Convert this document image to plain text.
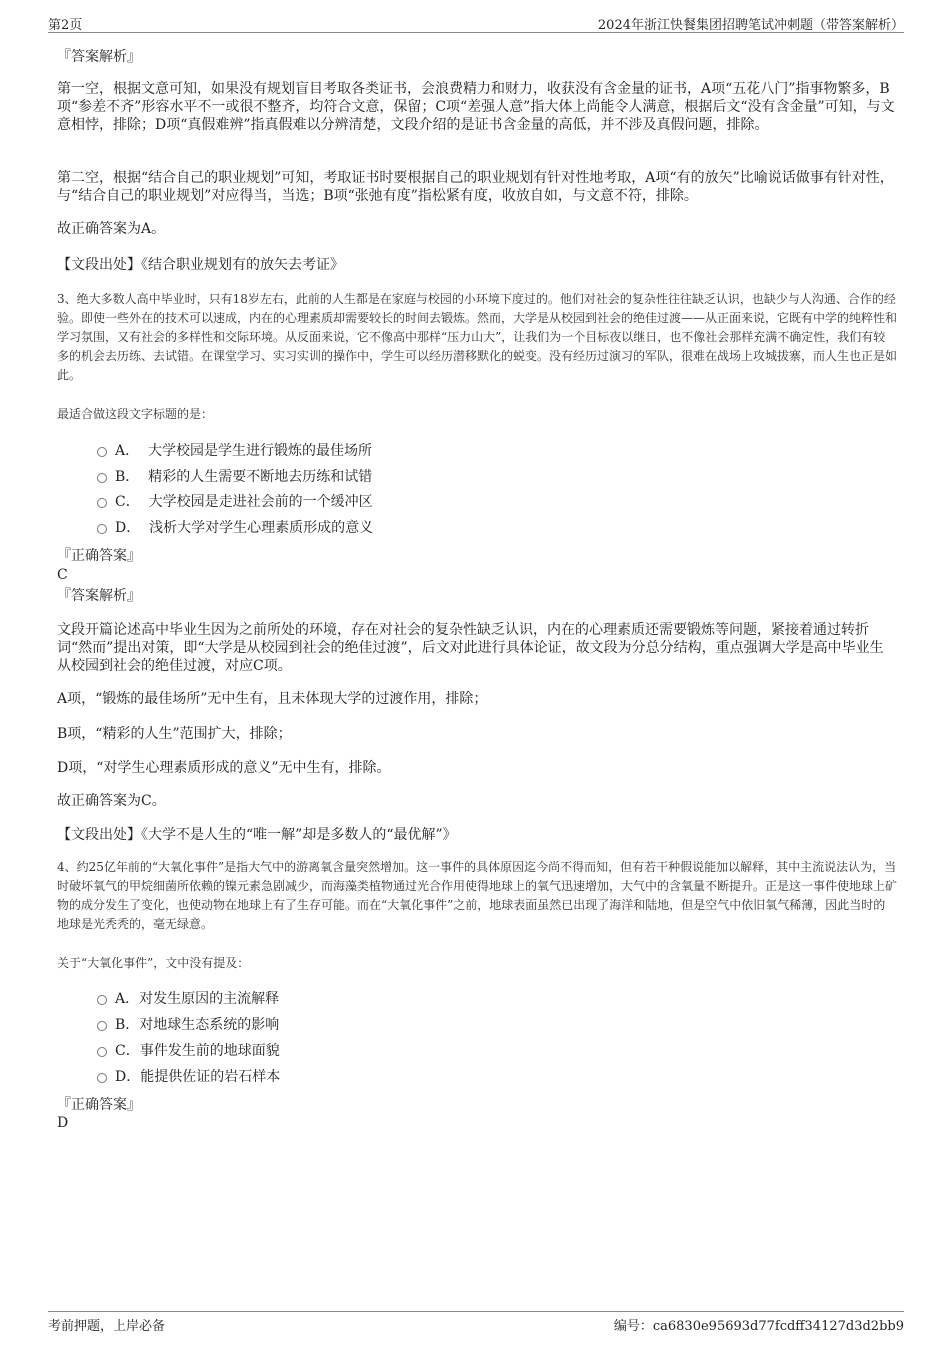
第2页	2024年浙江快餐集团招聘笔试冲刺题（带答案解析）

『答案解析』

第一空，根据文意可知，如果没有规划盲目考取各类证书，会浪费精力和财力，收获没有含金量的证书，A项“五花八门”指事物繁多，B项“参差不齐”形容水平不一或很不整齐，均符合文意，保留；C项“差强人意”指大体上尚能令人满意，根据后文“没有含金量”可知，与文意相悖，排除；D项“真假难辨”指真假难以分辨清楚，文段介绍的是证书含金量的高低，并不涉及真假问题，排除。

第二空，根据“结合自己的职业规划”可知，考取证书时要根据自己的职业规划有针对性地考取，A项“有的放矢”比喻说话做事有针对性，与“结合自己的职业规划”对应得当，当选；B项“张弛有度”指松紧有度，收放自如，与文意不符，排除。

故正确答案为A。

【文段出处】《结合职业规划有的放矢去考证》

3、绝大多数人高中毕业时，只有18岁左右，此前的人生都是在家庭与校园的小环境下度过的。他们对社会的复杂性往往缺乏认识，也缺少与人沟通、合作的经验。即使一些外在的技术可以速成，内在的心理素质却需要较长的时间去锻炼。然而，大学是从校园到社会的绝佳过渡——从正面来说，它既有中学的纯粹性和学习氛围，又有社会的多样性和交际环境。从反面来说，它不像高中那样“压力山大”，让我们为一个目标夜以继日，也不像社会那样充满不确定性，我们有较多的机会去历练、去试错。在课堂学习、实习实训的操作中，学生可以经历潜移默化的蜕变。没有经历过演习的军队，很难在战场上攻城拔寨，而人生也正是如此。

最适合做这段文字标题的是：

A． 大学校园是学生进行锻炼的最佳场所
B． 精彩的人生需要不断地去历练和试错
C． 大学校园是走进社会前的一个缓冲区
D． 浅析大学对学生心理素质形成的意义

『正确答案』

C

『答案解析』

文段开篇论述高中毕业生因为之前所处的环境，存在对社会的复杂性缺乏认识，内在的心理素质还需要锻炼等问题，紧接着通过转折词“然而”提出对策，即“大学是从校园到社会的绝佳过渡”，后文对此进行具体论证，故文段为分总分结构，重点强调大学是高中毕业生从校园到社会的绝佳过渡，对应C项。

A项，“锻炼的最佳场所”无中生有，且未体现大学的过渡作用，排除；

B项，“精彩的人生”范围扩大，排除；

D项，“对学生心理素质形成的意义”无中生有，排除。

故正确答案为C。

【文段出处】《大学不是人生的“唯一解”却是多数人的“最优解”》

4、约25亿年前的“大氧化事件”是指大气中的游离氧含量突然增加。这一事件的具体原因迄今尚不得而知，但有若干种假说能加以解释，其中主流说法认为，当时破坏氧气的甲烷细菌所依赖的镍元素急剧减少，而海藻类植物通过光合作用使得地球上的氧气迅速增加，大气中的含氧量不断提升。正是这一事件使地球上矿物的成分发生了变化，也使动物在地球上有了生存可能。而在“大氧化事件”之前，地球表面虽然已出现了海洋和陆地，但是空气中依旧氧气稀薄，因此当时的地球是光秃秃的，毫无绿意。

关于“大氧化事件”，文中没有提及：

A．对发生原因的主流解释
B．对地球生态系统的影响
C．事件发生前的地球面貌
D．能提供佐证的岩石样本

『正确答案』

D

考前押题，上岸必备	编号：ca6830e95693d77fcdff34127d3d2bb9
